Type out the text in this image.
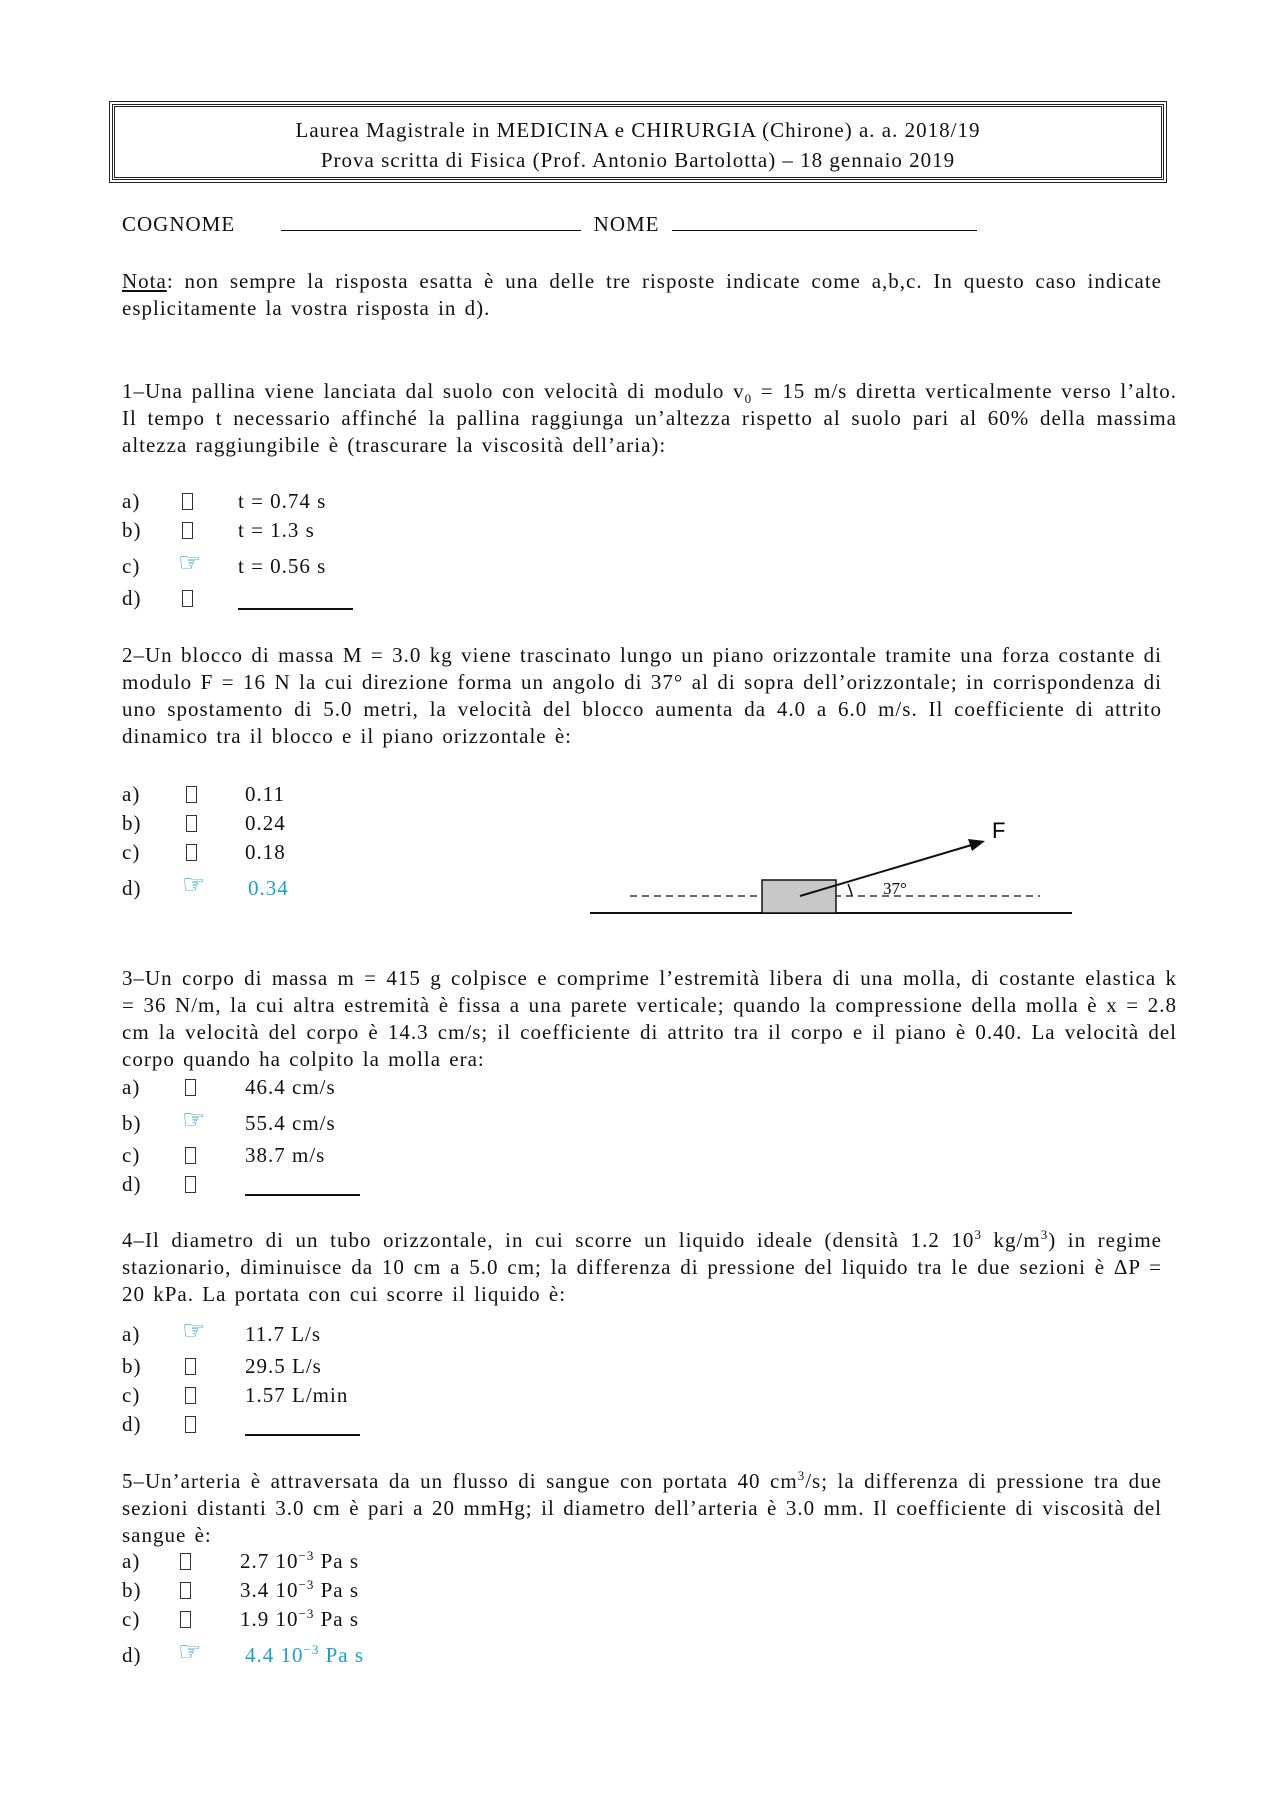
Laurea Magistrale in MEDICINA e CHIRURGIA (Chirone) a. a. 2018/19
Prova scritta di Fisica (Prof. Antonio Bartolotta) – 18 gennaio 2019
COGNOME	NOME
Nota: non sempre la risposta esatta è una delle tre risposte indicate come a,b,c. In questo caso indicate esplicitamente la vostra risposta in d).
1–Una pallina viene lanciata dal suolo con velocità di modulo $v_0 = 15$ m/s diretta verticalmente verso l’alto. Il tempo t necessario affinché la pallina raggiunga un’altezza rispetto al suolo pari al 60% della massima altezza raggiungibile è (trascurare la viscosità dell’aria):
a)	t = 0.74 s
b)	t = 1.3 s
c) ☞ t = 0.56 s
d)
2–Un blocco di massa M = 3.0 kg viene trascinato lungo un piano orizzontale tramite una forza costante di modulo F = 16 N la cui direzione forma un angolo di 37° al di sopra dell’orizzontale; in corrispondenza di uno spostamento di 5.0 metri, la velocità del blocco aumenta da 4.0 a 6.0 m/s. Il coefficiente di attrito dinamico tra il blocco e il piano orizzontale è:
a)	0.11
b)	0.24
c)	0.18
d) ☞ 0.34
F
37°
3–Un corpo di massa m = 415 g colpisce e comprime l’estremità libera di una molla, di costante elastica k = 36 N/m, la cui altra estremità è fissa a una parete verticale; quando la compressione della molla è x = 2.8 cm la velocità del corpo è 14.3 cm/s; il coefficiente di attrito tra il corpo e il piano è 0.40. La velocità del corpo quando ha colpito la molla era:
a)	46.4 cm/s
b) ☞ 55.4 cm/s
c)	38.7 m/s
d)
4–Il diametro di un tubo orizzontale, in cui scorre un liquido ideale (densità 1.2 $10^3$ $kg/m^3$) in regime stazionario, diminuisce da 10 cm a 5.0 cm; la differenza di pressione del liquido tra le due sezioni è ΔP = 20 kPa. La portata con cui scorre il liquido è:
a) ☞ 11.7 L/s
b)	29.5 L/s
c)	1.57 L/min
d)
5–Un’arteria è attraversata da un flusso di sangue con portata 40 $cm^3/s$; la differenza di pressione tra due sezioni distanti 3.0 cm è pari a 20 mmHg; il diametro dell’arteria è 3.0 mm. Il coefficiente di viscosità del sangue è:
a)	2.7 $10^{-3}$ Pa s
b)	3.4 $10^{-3}$ Pa s
c)	1.9 $10^{-3}$ Pa s
d) ☞ 4.4 $10^{-3}$ Pa s
